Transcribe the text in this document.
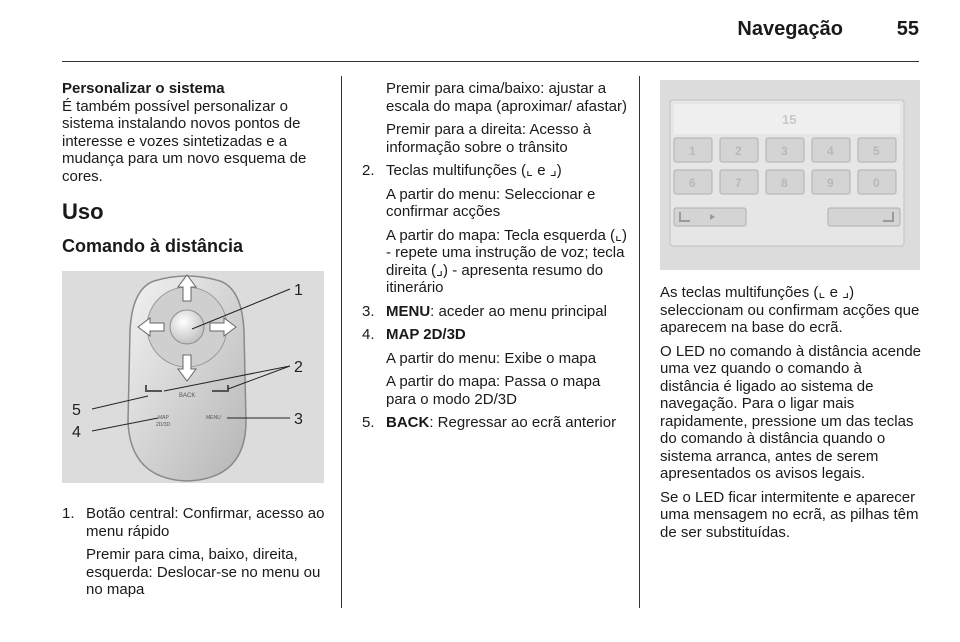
Navegação	55
Personalizar o sistema

É também possível personalizar o sistema instalando novos pontos de interesse e vozes sintetizadas e a mudança para um novo esquema de cores.

Uso
Comando à distância
BACK
MAP
2D/3D
MENU
1
2
3
4
5
1. Botão central: Confirmar, acesso ao menu rápido

Premir para cima, baixo, direita, esquerda: Deslocar-se no menu ou no mapa

Premir para cima/baixo: ajustar a escala do mapa (aproximar/ afastar)

Premir para a direita: Acesso à informação sobre o trânsito

2. Teclas multifunções (⌞ e ⌟)

A partir do menu: Seleccionar e confirmar acções

A partir do mapa: Tecla esquerda (⌞) - repete uma instrução de voz; tecla direita (⌟) - apresenta resumo do itinerário

3. MENU: aceder ao menu principal
4. MAP 2D/3D

A partir do menu: Exibe o mapa

A partir do mapa: Passa o mapa para o modo 2D/3D

5. BACK: Regressar ao ecrã anterior
15
1	2	3	4	5
6	7	8	9	0

As teclas multifunções (⌞ e ⌟) seleccionam ou confirmam acções que aparecem na base do ecrã.

O LED no comando à distância acende uma vez quando o comando à distância é ligado ao sistema de navegação. Para o ligar mais rapidamente, pressione um das teclas do comando à distância quando o sistema arranca, antes de serem apresentados os avisos legais.

Se o LED ficar intermitente e aparecer uma mensagem no ecrã, as pilhas têm de ser substituídas.
